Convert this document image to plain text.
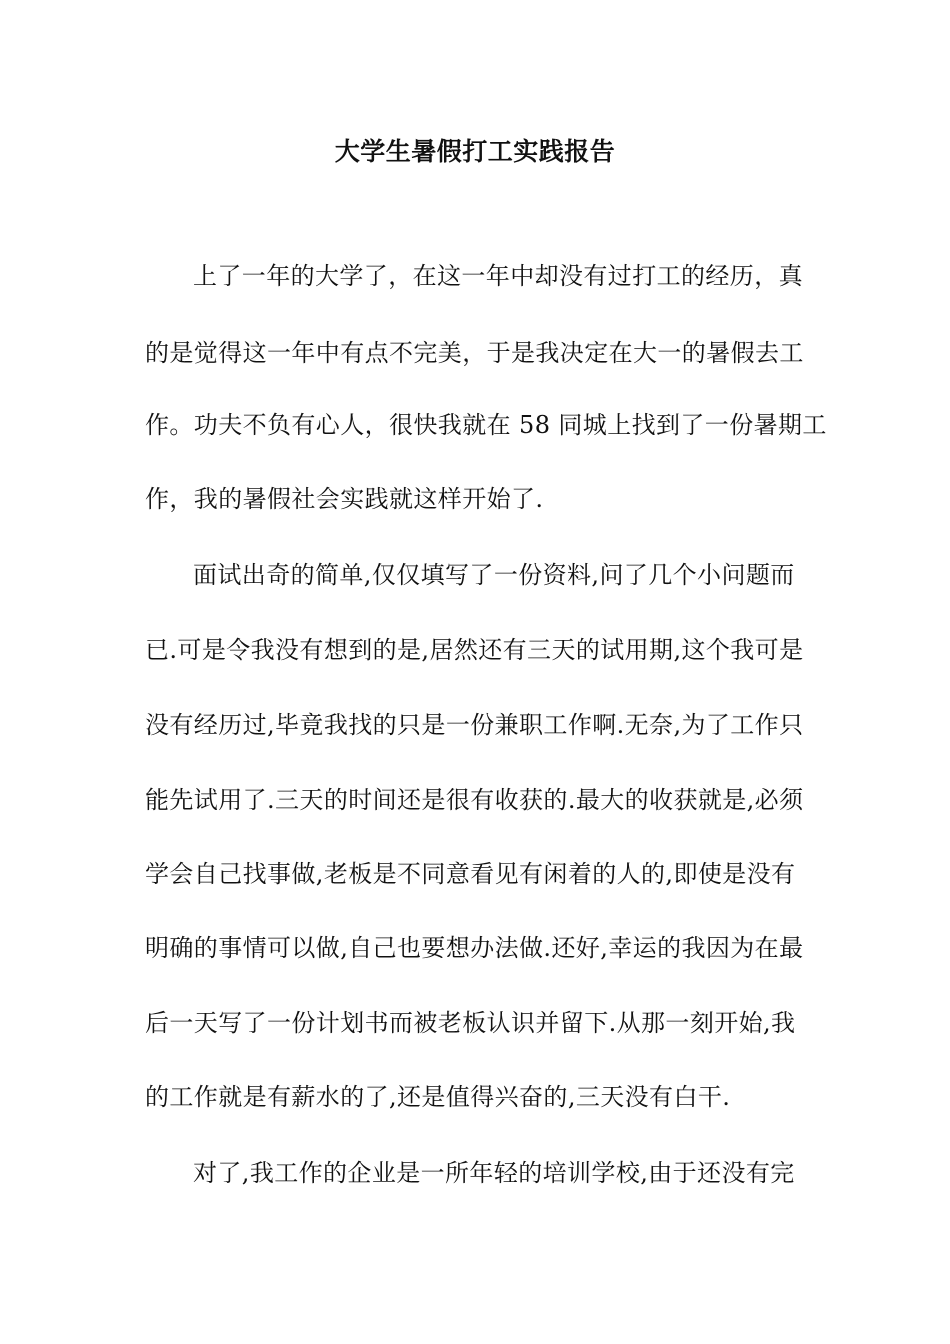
大学生暑假打工实践报告

上了一年的大学了，在这一年中却没有过打工的经历，真

的是觉得这一年中有点不完美，于是我决定在大一的暑假去工

作。功夫不负有心人，很快我就在 58 同城上找到了一份暑期工

作，我的暑假社会实践就这样开始了.

面试出奇的简单,仅仅填写了一份资料,问了几个小问题而

已.可是令我没有想到的是,居然还有三天的试用期,这个我可是

没有经历过,毕竟我找的只是一份兼职工作啊.无奈,为了工作只

能先试用了.三天的时间还是很有收获的.最大的收获就是,必须

学会自己找事做,老板是不同意看见有闲着的人的,即使是没有

明确的事情可以做,自己也要想办法做.还好,幸运的我因为在最

后一天写了一份计划书而被老板认识并留下.从那一刻开始,我

的工作就是有薪水的了,还是值得兴奋的,三天没有白干.

对了,我工作的企业是一所年轻的培训学校,由于还没有完
